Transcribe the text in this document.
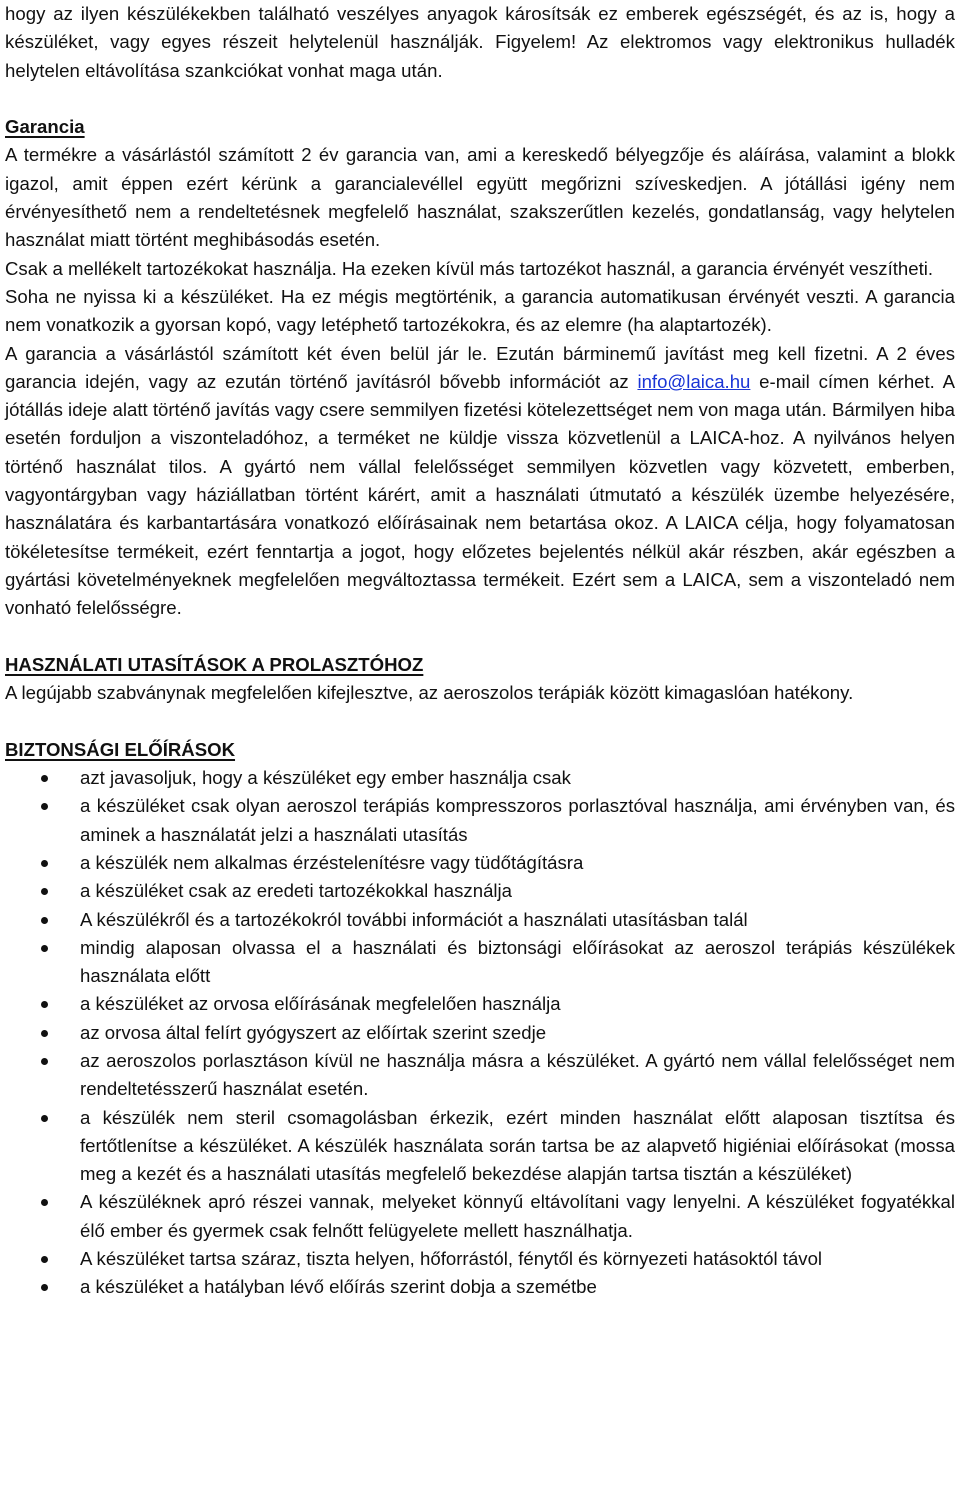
hogy az ilyen készülékekben található veszélyes anyagok károsítsák ez emberek egészségét, és az is, hogy a készüléket, vagy egyes részeit helytelenül használják. Figyelem! Az elektromos vagy elektronikus hulladék helytelen eltávolítása szankciókat vonhat maga után.

Garancia

A termékre a vásárlástól számított 2 év garancia van, ami a kereskedő bélyegzője és aláírása, valamint a blokk igazol, amit éppen ezért kérünk a garancialevéllel együtt megőrizni szíveskedjen. A jótállási igény nem érvényesíthető nem a rendeltetésnek megfelelő használat, szakszerűtlen kezelés, gondatlanság, vagy helytelen használat miatt történt meghibásodás esetén.

Csak a mellékelt tartozékokat használja. Ha ezeken kívül más tartozékot használ, a garancia érvényét veszítheti.

Soha ne nyissa ki a készüléket. Ha ez mégis megtörténik, a garancia automatikusan érvényét veszti. A garancia nem vonatkozik a gyorsan kopó, vagy letéphető tartozékokra, és az elemre (ha alaptartozék).

A garancia a vásárlástól számított két éven belül jár le. Ezután bárminemű javítást meg kell fizetni. A 2 éves garancia idején, vagy az ezután történő javításról bővebb információt az info@laica.hu e-mail címen kérhet. A jótállás ideje alatt történő javítás vagy csere semmilyen fizetési kötelezettséget nem von maga után. Bármilyen hiba esetén forduljon a viszonteladóhoz, a terméket ne küldje vissza közvetlenül a LAICA-hoz. A nyilvános helyen történő használat tilos. A gyártó nem vállal felelősséget semmilyen közvetlen vagy közvetett, emberben, vagyontárgyban vagy háziállatban történt kárért, amit a használati útmutató a készülék üzembe helyezésére, használatára és karbantartására vonatkozó előírásainak nem betartása okoz. A LAICA célja, hogy folyamatosan tökéletesítse termékeit, ezért fenntartja a jogot, hogy előzetes bejelentés nélkül akár részben, akár egészben a gyártási követelményeknek megfelelően megváltoztassa termékeit. Ezért sem a LAICA, sem a viszonteladó nem vonható felelősségre.

HASZNÁLATI UTASÍTÁSOK A PROLASZTÓHOZ

A legújabb szabványnak megfelelően kifejlesztve, az aeroszolos terápiák között kimagaslóan hatékony.

BIZTONSÁGI ELŐÍRÁSOK
azt javasoljuk, hogy a készüléket egy ember használja csak
a készüléket csak olyan aeroszol terápiás kompresszoros porlasztóval használja, ami érvényben van, és aminek a használatát jelzi a használati utasítás
a készülék nem alkalmas érzéstelenítésre vagy tüdőtágításra
a készüléket csak az eredeti tartozékokkal használja
A készülékről és a tartozékokról további információt a használati utasításban talál
mindig alaposan olvassa el a használati és biztonsági előírásokat az aeroszol terápiás készülékek használata előtt
a készüléket az orvosa előírásának megfelelően használja
az orvosa által felírt gyógyszert az előírtak szerint szedje
az aeroszolos porlasztáson kívül ne használja másra a készüléket. A gyártó nem vállal felelősséget nem rendeltetésszerű használat esetén.
a készülék nem steril csomagolásban érkezik, ezért minden használat előtt alaposan tisztítsa és fertőtlenítse a készüléket. A készülék használata során tartsa be az alapvető higiéniai előírásokat (mossa meg a kezét és a használati utasítás megfelelő bekezdése alapján tartsa tisztán a készüléket)
A készüléknek apró részei vannak, melyeket könnyű eltávolítani vagy lenyelni. A készüléket fogyatékkal élő ember és gyermek csak felnőtt felügyelete mellett használhatja.
A készüléket tartsa száraz, tiszta helyen, hőforrástól, fénytől és környezeti hatásoktól távol
a készüléket a hatályban lévő előírás szerint dobja a szemétbe
